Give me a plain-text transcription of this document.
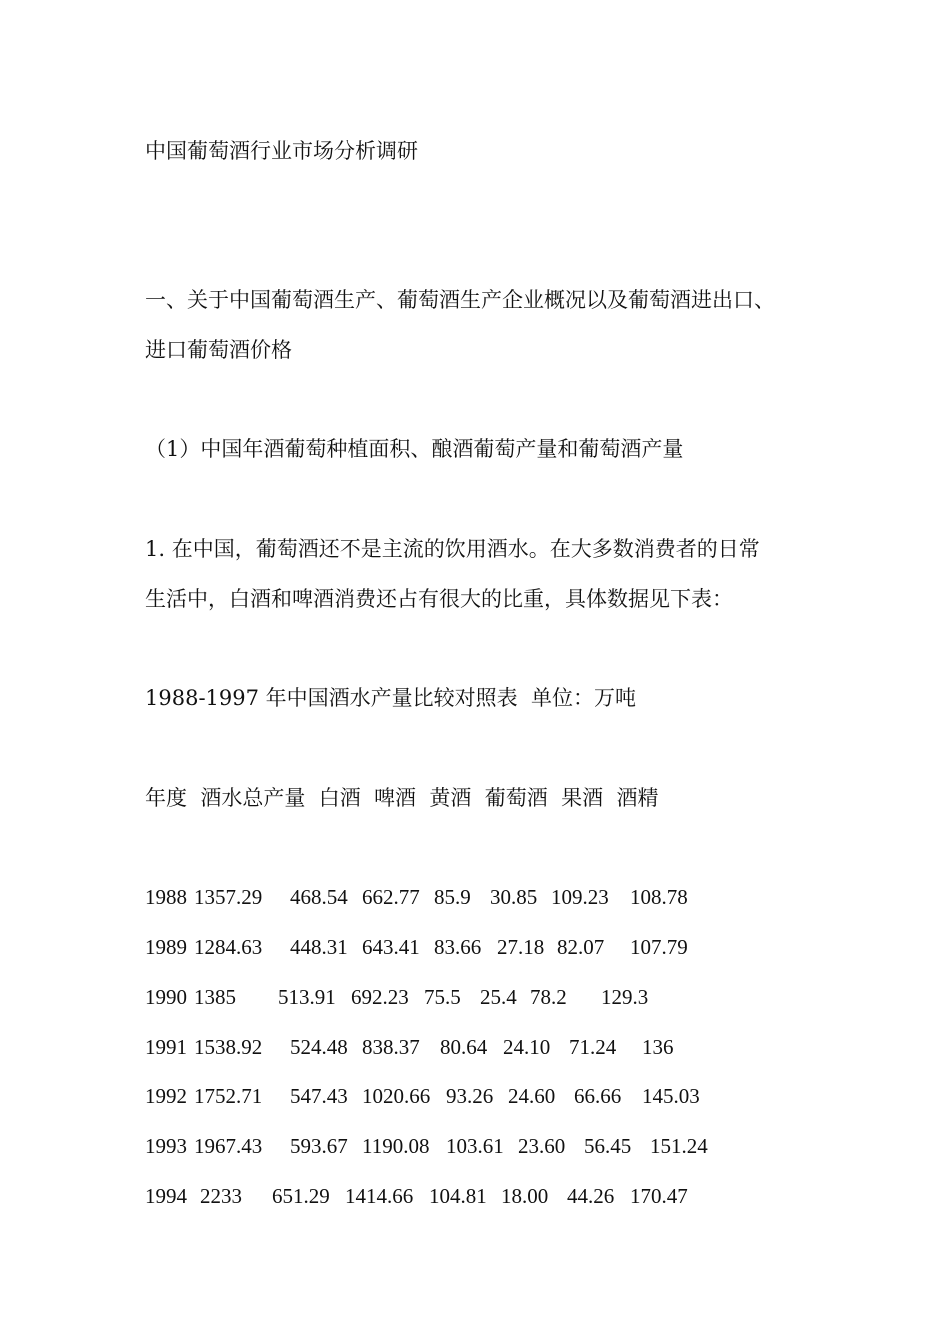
中国葡萄酒行业市场分析调研

一、关于中国葡萄酒生产、葡萄酒生产企业概况以及葡萄酒进出口、

进口葡萄酒价格

（1）中国年酒葡萄种植面积、酿酒葡萄产量和葡萄酒产量

1. 在中国，葡萄酒还不是主流的饮用酒水。在大多数消费者的日常

生活中，白酒和啤酒消费还占有很大的比重，具体数据见下表：

1988-1997 年中国酒水产量比较对照表  单位：万吨

年度  酒水总产量  白酒  啤酒  黄酒  葡萄酒  果酒  酒精

1988 1357.29 468.54 662.77 85.9 30.85 109.23 108.78
1989 1284.63 448.31 643.41 83.66 27.18 82.07 107.79
1990 1385 513.91 692.23 75.5 25.4 78.2 129.3
1991 1538.92 524.48 838.37 80.64 24.10 71.24 136
1992 1752.71 547.43 1020.66 93.26 24.60 66.66 145.03
1993 1967.43 593.67 1190.08 103.61 23.60 56.45 151.24
1994 2233 651.29 1414.66 104.81 18.00 44.26 170.47
